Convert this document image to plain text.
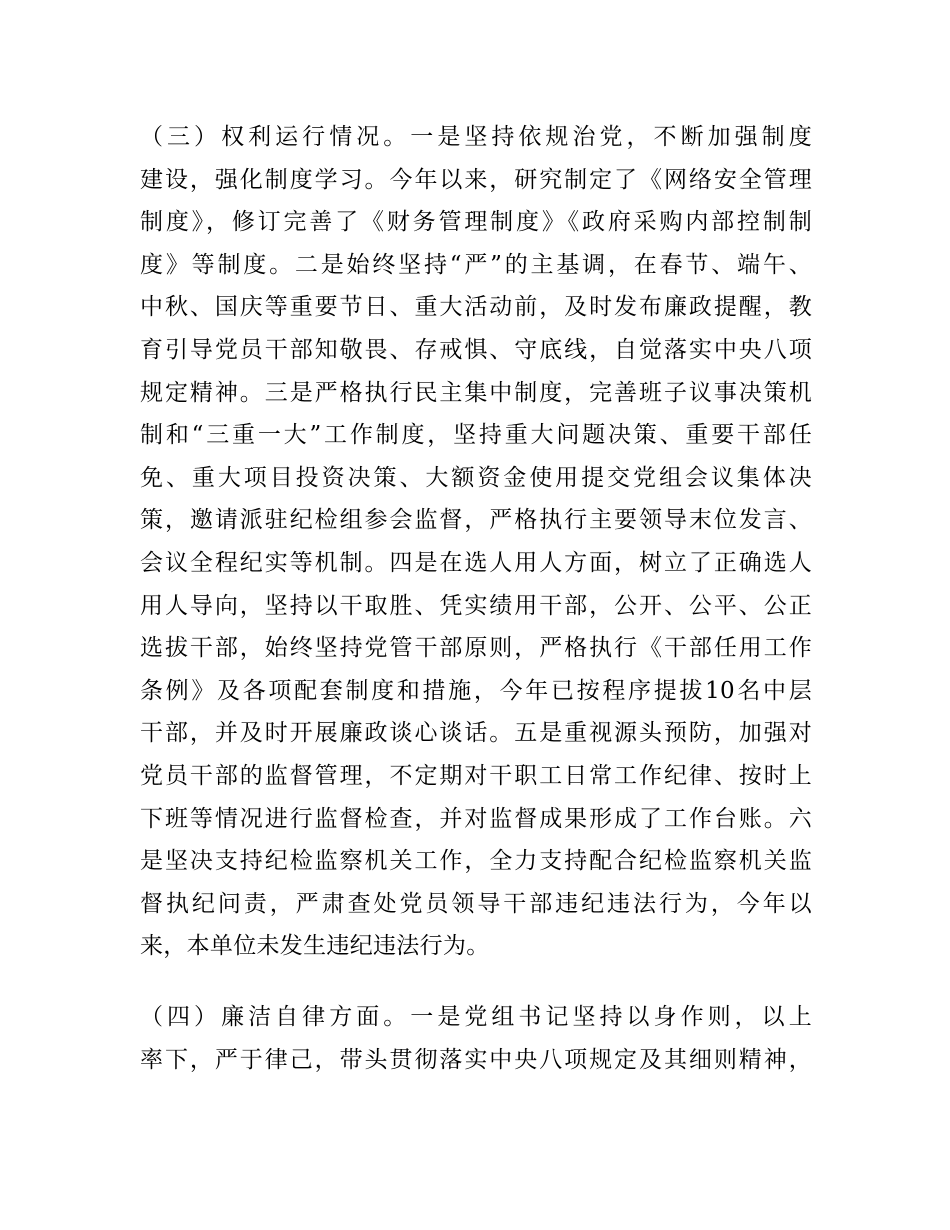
（三）权利运行情况。一是坚持依规治党，不断加强制度
建设，强化制度学习。今年以来，研究制定了《网络安全管理
制度》，修订完善了《财务管理制度》《政府采购内部控制制
度》等制度。二是始终坚持“严”的主基调，在春节、端午、
中秋、国庆等重要节日、重大活动前，及时发布廉政提醒，教
育引导党员干部知敬畏、存戒惧、守底线，自觉落实中央八项
规定精神。三是严格执行民主集中制度，完善班子议事决策机
制和“三重一大”工作制度，坚持重大问题决策、重要干部任
免、重大项目投资决策、大额资金使用提交党组会议集体决
策，邀请派驻纪检组参会监督，严格执行主要领导末位发言、
会议全程纪实等机制。四是在选人用人方面，树立了正确选人
用人导向，坚持以干取胜、凭实绩用干部，公开、公平、公正
选拔干部，始终坚持党管干部原则，严格执行《干部任用工作
条例》及各项配套制度和措施，今年已按程序提拔10名中层
干部，并及时开展廉政谈心谈话。五是重视源头预防，加强对
党员干部的监督管理，不定期对干职工日常工作纪律、按时上
下班等情况进行监督检查，并对监督成果形成了工作台账。六
是坚决支持纪检监察机关工作，全力支持配合纪检监察机关监
督执纪问责，严肃查处党员领导干部违纪违法行为，今年以
来，本单位未发生违纪违法行为。

（四）廉洁自律方面。一是党组书记坚持以身作则，以上
率下，严于律己，带头贯彻落实中央八项规定及其细则精神，
